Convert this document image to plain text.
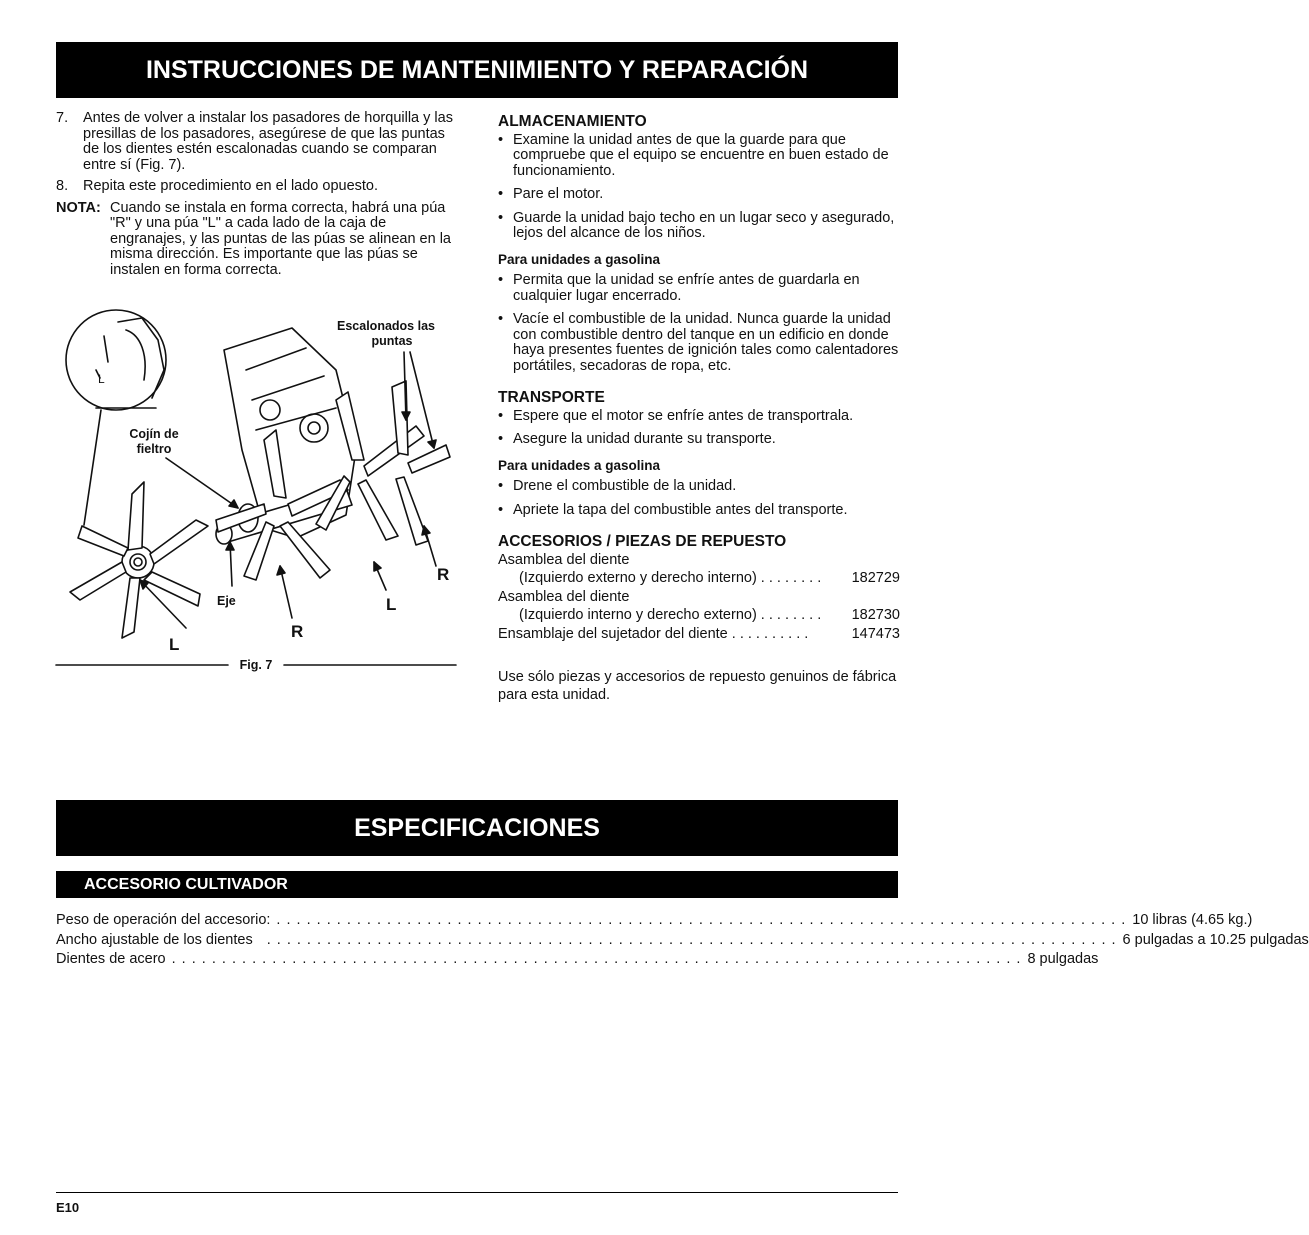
INSTRUCCIONES DE MANTENIMIENTO Y REPARACIÓN
7.	Antes de volver a instalar los pasadores de horquilla y las presillas de los pasadores, asegúrese de que las puntas de los dientes estén escalonadas cuando se comparan entre sí (Fig. 7).
8.	Repita este procedimiento en el lado opuesto.
NOTA: Cuando se instala en forma correcta, habrá una púa "R" y una púa "L" a cada lado de la caja de engranajes, y las puntas de las púas se alinean en la misma dirección. Es importante que las púas se instalen en forma correcta.
L
Escalonados las
puntas
Cojín de
fieltro
Eje
L
R
L
R
Fig. 7
ALMACENAMIENTO
• Examine la unidad antes de que la guarde para que compruebe que el equipo se encuentre en buen estado de funcionamiento.
• Pare el motor.
• Guarde la unidad bajo techo en un lugar seco y asegurado, lejos del alcance de los niños.
Para unidades a gasolina
• Permita que la unidad se enfríe antes de guardarla en cualquier lugar encerrado.
• Vacíe el combustible de la unidad. Nunca guarde la unidad con combustible dentro del tanque en un edificio en donde haya presentes fuentes de ignición tales como calentadores portátiles, secadoras de ropa, etc.
TRANSPORTE
• Espere que el motor se enfríe antes de transportrala.
• Asegure la unidad durante su transporte.
Para unidades a gasolina
• Drene el combustible de la unidad.
• Apriete la tapa del combustible antes del transporte.
ACCESORIOS / PIEZAS DE REPUESTO
Asamblea del diente
(Izquierdo externo y derecho interno) . . . . . . . . 182729
Asamblea del diente
(Izquierdo interno y derecho externo) . . . . . . . . 182730
Ensamblaje del sujetador del diente . . . . . . . . . .	147473
Use sólo piezas y accesorios de repuesto genuinos de fábrica para esta unidad.
ESPECIFICACIONES
ACCESORIO CULTIVADOR
Peso de operación del accesorio: . . . . . . . . . . . . . . . . . . . . . . . . . . . . . . . . . . . . . . . . . . . . . . . . . . . . . . . . . . . . . . . . . . . . . . . . . . . . . . . . . . . . . 10 libras (4.65 kg.)
Ancho ajustable de los dientes . . . . . . . . . . . . . . . . . . . . . . . . . . . . . . . . . . . . . . . . . . . . . . . . . . . . . . . . . . . . . . . . . . . . . . . . . . . . . . . . . . . . . 6 pulgadas a 10.25 pulgadas
Dientes de acero . . . . . . . . . . . . . . . . . . . . . . . . . . . . . . . . . . . . . . . . . . . . . . . . . . . . . . . . . . . . . . . . . . . . . . . . . . . . . . . . . . . . . 8 pulgadas
E10
